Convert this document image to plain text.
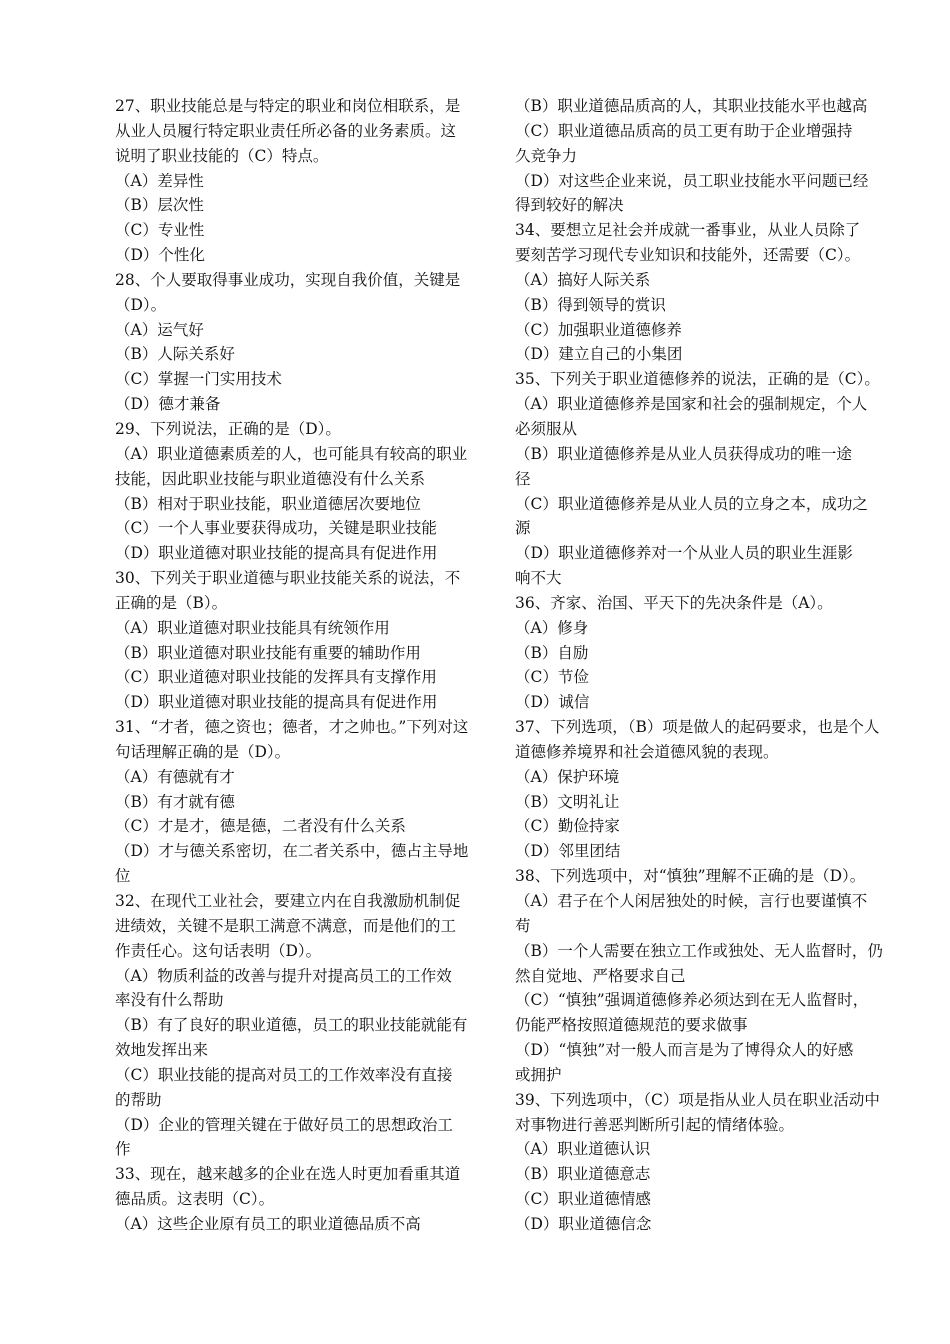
27、职业技能总是与特定的职业和岗位相联系，是
从业人员履行特定职业责任所必备的业务素质。这
说明了职业技能的（C）特点。
（A）差异性
（B）层次性
（C）专业性
（D）个性化
28、个人要取得事业成功，实现自我价值，关键是
（D）。
（A）运气好
（B）人际关系好
（C）掌握一门实用技术
（D）德才兼备
29、下列说法，正确的是（D）。
（A）职业道德素质差的人，也可能具有较高的职业
技能，因此职业技能与职业道德没有什么关系
（B）相对于职业技能，职业道德居次要地位
（C）一个人事业要获得成功，关键是职业技能
（D）职业道德对职业技能的提高具有促进作用
30、下列关于职业道德与职业技能关系的说法，不
正确的是（B）。
（A）职业道德对职业技能具有统领作用
（B）职业道德对职业技能有重要的辅助作用
（C）职业道德对职业技能的发挥具有支撑作用
（D）职业道德对职业技能的提高具有促进作用
31、“才者，德之资也；德者，才之帅也。”下列对这
句话理解正确的是（D）。
（A）有德就有才
（B）有才就有德
（C）才是才，德是德，二者没有什么关系
（D）才与德关系密切，在二者关系中，德占主导地
位
32、在现代工业社会，要建立内在自我激励机制促
进绩效，关键不是职工满意不满意，而是他们的工
作责任心。这句话表明（D）。
（A）物质利益的改善与提升对提高员工的工作效
率没有什么帮助
（B）有了良好的职业道德，员工的职业技能就能有
效地发挥出来
（C）职业技能的提高对员工的工作效率没有直接
的帮助
（D）企业的管理关键在于做好员工的思想政治工
作
33、现在，越来越多的企业在选人时更加看重其道
德品质。这表明（C）。
（A）这些企业原有员工的职业道德品质不高
（B）职业道德品质高的人，其职业技能水平也越高
（C）职业道德品质高的员工更有助于企业增强持
久竞争力
（D）对这些企业来说，员工职业技能水平问题已经
得到较好的解决
34、要想立足社会并成就一番事业，从业人员除了
要刻苦学习现代专业知识和技能外，还需要（C）。
（A）搞好人际关系
（B）得到领导的赏识
（C）加强职业道德修养
（D）建立自己的小集团
35、下列关于职业道德修养的说法，正确的是（C）。
（A）职业道德修养是国家和社会的强制规定，个人
必须服从
（B）职业道德修养是从业人员获得成功的唯一途
径
（C）职业道德修养是从业人员的立身之本，成功之
源
（D）职业道德修养对一个从业人员的职业生涯影
响不大
36、齐家、治国、平天下的先决条件是（A）。
（A）修身
（B）自励
（C）节俭
（D）诚信
37、下列选项，（B）项是做人的起码要求，也是个人
道德修养境界和社会道德风貌的表现。
（A）保护环境
（B）文明礼让
（C）勤俭持家
（D）邻里团结
38、下列选项中，对“慎独”理解不正确的是（D）。
（A）君子在个人闲居独处的时候，言行也要谨慎不
苟
（B）一个人需要在独立工作或独处、无人监督时，仍
然自觉地、严格要求自己
（C）“慎独”强调道德修养必须达到在无人监督时，
仍能严格按照道德规范的要求做事
（D）“慎独”对一般人而言是为了博得众人的好感
或拥护
39、下列选项中，（C）项是指从业人员在职业活动中
对事物进行善恶判断所引起的情绪体验。
（A）职业道德认识
（B）职业道德意志
（C）职业道德情感
（D）职业道德信念
